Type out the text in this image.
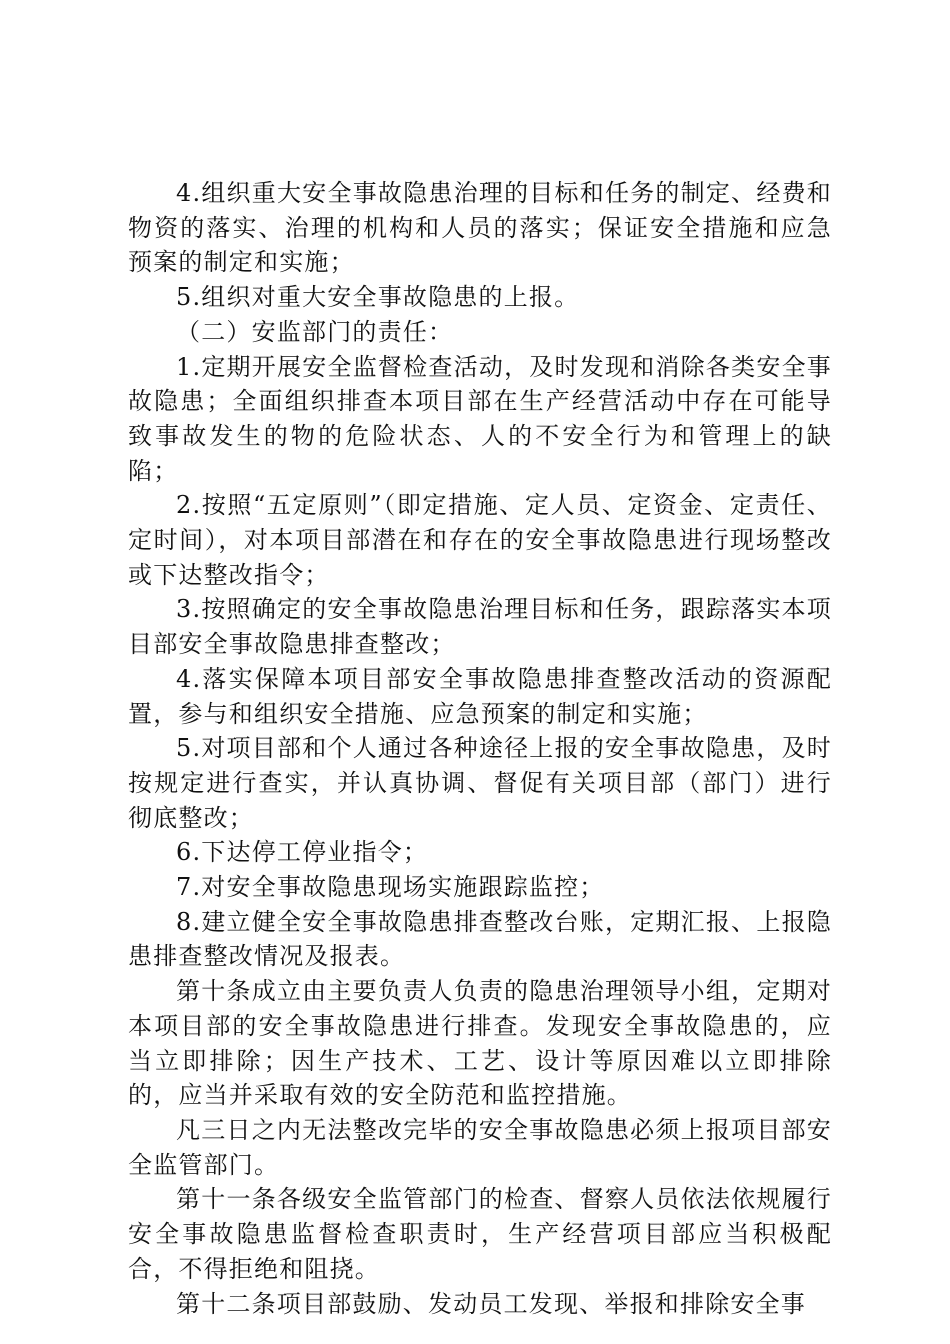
4.组织重大安全事故隐患治理的目标和任务的制定、经费和物资的落实、治理的机构和人员的落实；保证安全措施和应急预案的制定和实施；

5.组织对重大安全事故隐患的上报。

（二）安监部门的责任：

1.定期开展安全监督检查活动，及时发现和消除各类安全事故隐患；全面组织排查本项目部在生产经营活动中存在可能导致事故发生的物的危险状态、人的不安全行为和管理上的缺陷；

2.按照“五定原则”（即定措施、定人员、定资金、定责任、定时间），对本项目部潜在和存在的安全事故隐患进行现场整改或下达整改指令；

3.按照确定的安全事故隐患治理目标和任务，跟踪落实本项目部安全事故隐患排查整改；

4.落实保障本项目部安全事故隐患排查整改活动的资源配置，参与和组织安全措施、应急预案的制定和实施；

5.对项目部和个人通过各种途径上报的安全事故隐患，及时按规定进行查实，并认真协调、督促有关项目部（部门）进行彻底整改；

6.下达停工停业指令；

7.对安全事故隐患现场实施跟踪监控；

8.建立健全安全事故隐患排查整改台账，定期汇报、上报隐患排查整改情况及报表。

第十条成立由主要负责人负责的隐患治理领导小组，定期对本项目部的安全事故隐患进行排查。发现安全事故隐患的，应当立即排除；因生产技术、工艺、设计等原因难以立即排除的，应当并采取有效的安全防范和监控措施。

凡三日之内无法整改完毕的安全事故隐患必须上报项目部安全监管部门。

第十一条各级安全监管部门的检查、督察人员依法依规履行安全事故隐患监督检查职责时，生产经营项目部应当积极配合，不得拒绝和阻挠。

第十二条项目部鼓励、发动员工发现、举报和排除安全事
